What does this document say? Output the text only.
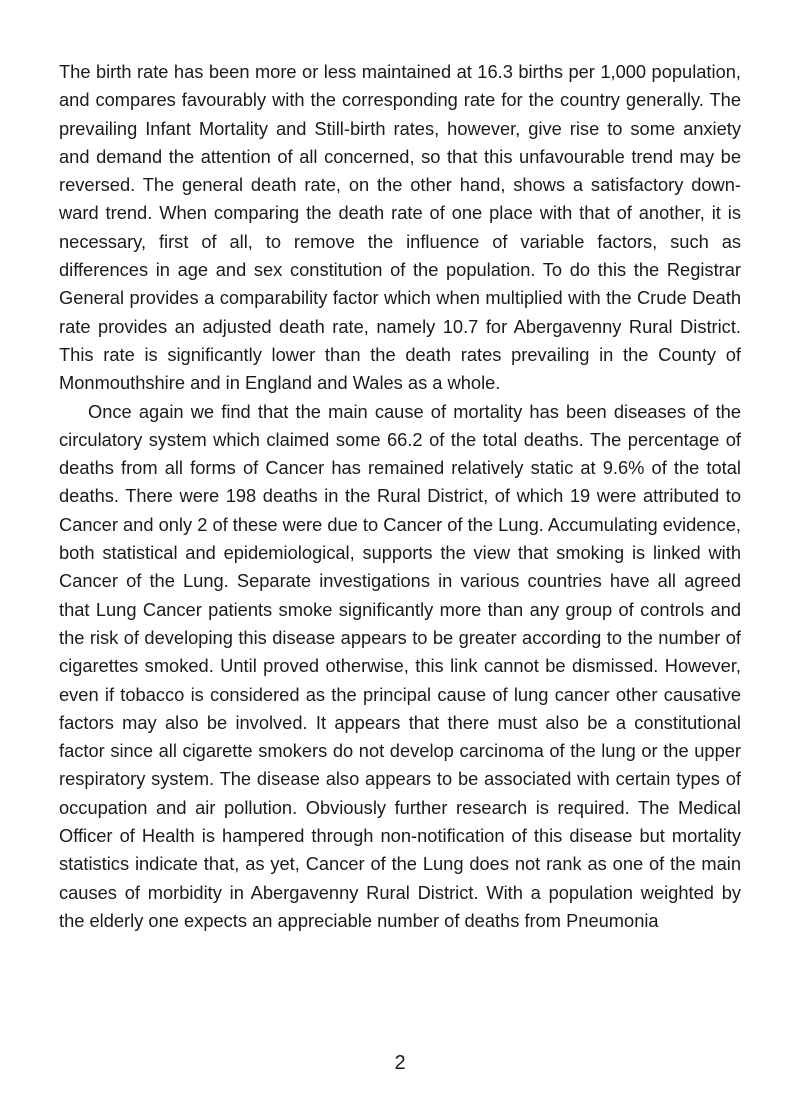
The birth rate has been more or less maintained at 16.3 births per 1,000 population, and compares favourably with the corresponding rate for the country generally. The prevailing Infant Mortality and Still-birth rates, however, give rise to some anxiety and demand the attention of all concerned, so that this unfavourable trend may be reversed. The general death rate, on the other hand, shows a satisfactory down-ward trend. When comparing the death rate of one place with that of another, it is necessary, first of all, to remove the influence of variable factors, such as differences in age and sex constitution of the population. To do this the Registrar General provides a comparability factor which when multiplied with the Crude Death rate provides an adjusted death rate, namely 10.7 for Abergavenny Rural District. This rate is significantly lower than the death rates prevailing in the County of Monmouthshire and in England and Wales as a whole.

Once again we find that the main cause of mortality has been diseases of the circulatory system which claimed some 66.2 of the total deaths. The percentage of deaths from all forms of Cancer has remained relatively static at 9.6% of the total deaths. There were 198 deaths in the Rural District, of which 19 were attributed to Cancer and only 2 of these were due to Cancer of the Lung. Accumulating evidence, both statistical and epidemiological, supports the view that smoking is linked with Cancer of the Lung. Separate investigations in various countries have all agreed that Lung Cancer patients smoke significantly more than any group of controls and the risk of developing this disease appears to be greater according to the number of cigarettes smoked. Until proved otherwise, this link cannot be dismissed. However, even if tobacco is considered as the principal cause of lung cancer other causative factors may also be involved. It appears that there must also be a constitutional factor since all cigarette smokers do not develop carcinoma of the lung or the upper respiratory system. The disease also appears to be associated with certain types of occupation and air pollution. Obviously further research is required. The Medical Officer of Health is hampered through non-notification of this disease but mortality statistics indicate that, as yet, Cancer of the Lung does not rank as one of the main causes of morbidity in Abergavenny Rural District. With a population weighted by the elderly one expects an appreciable number of deaths from Pneumonia

2
